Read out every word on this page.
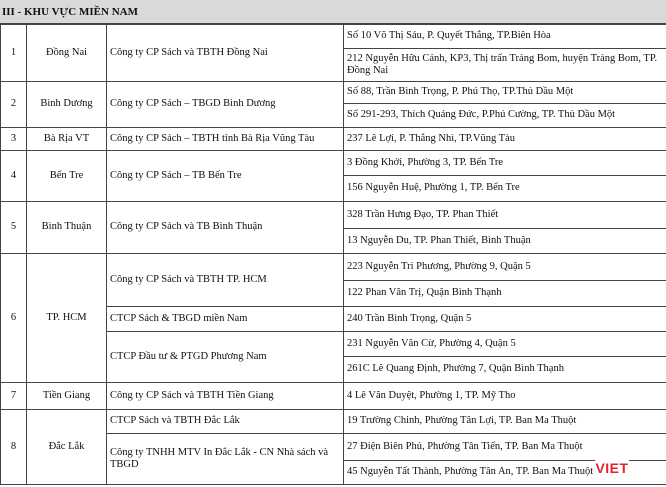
III - KHU VỰC MIỀN NAM
1	Đồng Nai	Công ty CP Sách và TBTH Đồng Nai	Số 10 Võ Thị Sáu, P. Quyết Thắng, TP.Biên Hòa
			212 Nguyễn Hữu Cảnh, KP3, Thị trấn Trảng Bom, huyện Trảng Bom, TP. Đồng Nai
2	Bình Dương	Công ty CP Sách – TBGD Bình Dương	Số 88, Trần Bình Trọng, P. Phú Thọ, TP.Thủ Dầu Một
			Số 291-293, Thích Quảng Đức, P.Phú Cường, TP. Thủ Dầu Một
3	Bà Rịa VT	Công ty CP Sách – TBTH tỉnh Bà Rịa Vũng Tàu	237 Lê Lợi, P. Thắng Nhì, TP.Vũng Tàu
4	Bến Tre	Công ty CP Sách – TB Bến Tre	3 Đồng Khởi, Phường 3, TP. Bến Tre
			156 Nguyễn Huệ, Phường 1, TP. Bến Tre
5	Bình Thuận	Công ty CP Sách và TB Bình Thuận	328 Trần Hưng Đạo, TP. Phan Thiết
			13 Nguyễn Du, TP. Phan Thiết, Bình Thuận
6	TP. HCM	Công ty CP Sách và TBTH TP. HCM	223 Nguyễn Tri Phương, Phường 9, Quận 5
			122 Phan Văn Trị, Quận Bình Thạnh
		CTCP Sách & TBGD miền Nam	240 Trần Bình Trọng, Quận 5
		CTCP Đầu tư & PTGD Phương Nam	231 Nguyễn Văn Cừ, Phường 4, Quận 5
			261C Lê Quang Định, Phường 7, Quận Bình Thạnh
7	Tiền Giang	Công ty CP Sách và TBTH Tiền Giang	4 Lê Văn Duyệt, Phường 1, TP. Mỹ Tho
8	Đắc Lắk	CTCP Sách và TBTH Đắc Lắk	19 Trường Chinh, Phường Tân Lợi, TP. Ban Ma Thuột
		Công ty TNHH MTV In Đắc Lắk - CN Nhà sách và TBGD	27 Điện Biên Phủ, Phường Tân Tiến, TP. Ban Ma Thuột
			45 Nguyễn Tất Thành, Phường Tân An, TP. Ban Ma Thuột VIET
